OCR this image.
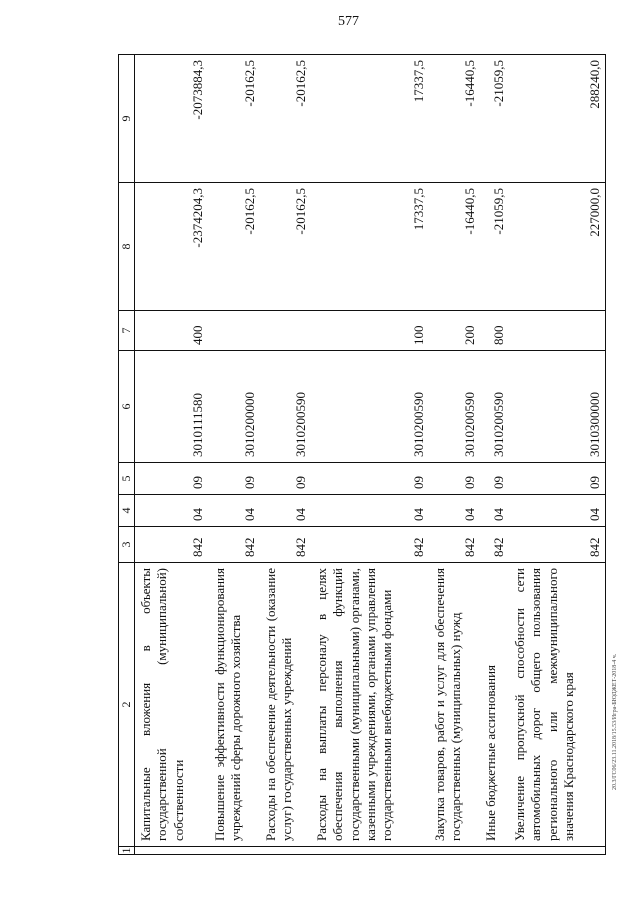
577
20.3/ГС06/23.11.2018/15.53/Игра-БЮДЖЕТ-2018-4 ч.
1	2	3	4	5	6	7	8	9
	Капитальные вложения в объекты государственной (муниципальной) собственности	842	04	09	3010111580	400	-2374204,3	-2073884,3
	Повышение эффективности функционирования учреждений сферы дорожного хозяйства	842	04	09	3010200000		-20162,5	-20162,5
	Расходы на обеспечение деятельности (оказание услуг) государственных учреждений	842	04	09	3010200590		-20162,5	-20162,5
	Расходы на выплаты персоналу в целях обеспечения выполнения функций государственными (муниципальными) органами, казенными учреждениями, органами управления государственными внебюджетными фондами	842	04	09	3010200590	100	17337,5	17337,5
	Закупка товаров, работ и услуг для обеспечения государственных (муниципальных) нужд	842	04	09	3010200590	200	-16440,5	-16440,5
	Иные бюджетные ассигнования	842	04	09	3010200590	800	-21059,5	-21059,5
	Увеличение пропускной способности сети автомобильных дорог общего пользования регионального или межмуниципального значения Краснодарского края	842	04	09	3010300000		227000,0	288240,0
